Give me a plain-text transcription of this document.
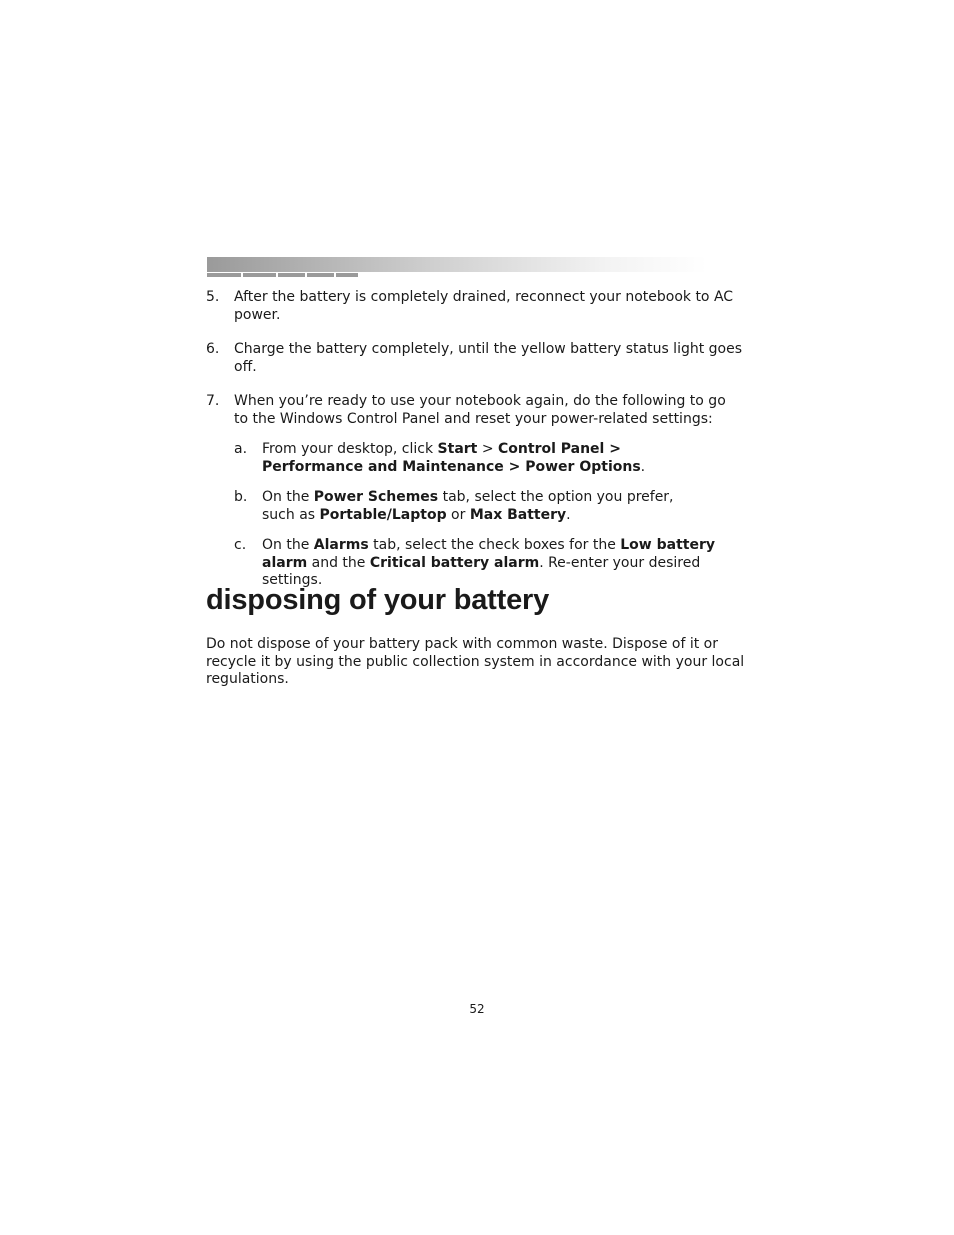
5. After the battery is completely drained, reconnect your notebook to AC power.
6. Charge the battery completely, until the yellow battery status light goes off.
7. When you’re ready to use your notebook again, do the following to go to the Windows Control Panel and reset your power-related settings:
a. From your desktop, click Start > Control Panel > Performance and Maintenance > Power Options.
b. On the Power Schemes tab, select the option you prefer, such as Portable/Laptop or Max Battery.
c. On the Alarms tab, select the check boxes for the Low battery alarm and the Critical battery alarm. Re-enter your desired settings.
disposing of your battery
Do not dispose of your battery pack with common waste. Dispose of it or recycle it by using the public collection system in accordance with your local regulations.
52
